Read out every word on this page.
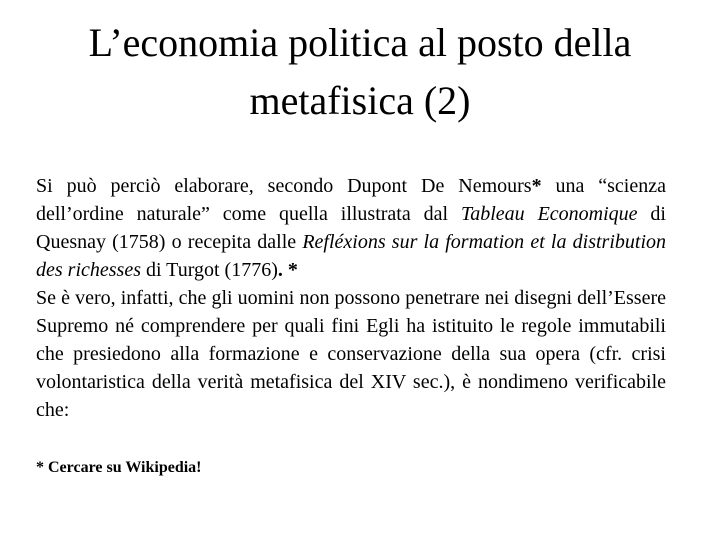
L’economia politica al posto della
metafisica (2)

Si può perciò elaborare, secondo Dupont De Nemours* una “scienza dell’ordine naturale” come quella illustrata dal Tableau Economique di Quesnay (1758) o recepita dalle Refléxions sur la formation et la distribution des richesses di Turgot (1776). *

Se è vero, infatti, che gli uomini non possono penetrare nei disegni dell’Essere Supremo né comprendere per quali fini Egli ha istituito le regole immutabili che presiedono alla formazione e conservazione della sua opera (cfr. crisi volontaristica della verità metafisica del XIV sec.), è nondimeno verificabile che:

* Cercare su Wikipedia!
